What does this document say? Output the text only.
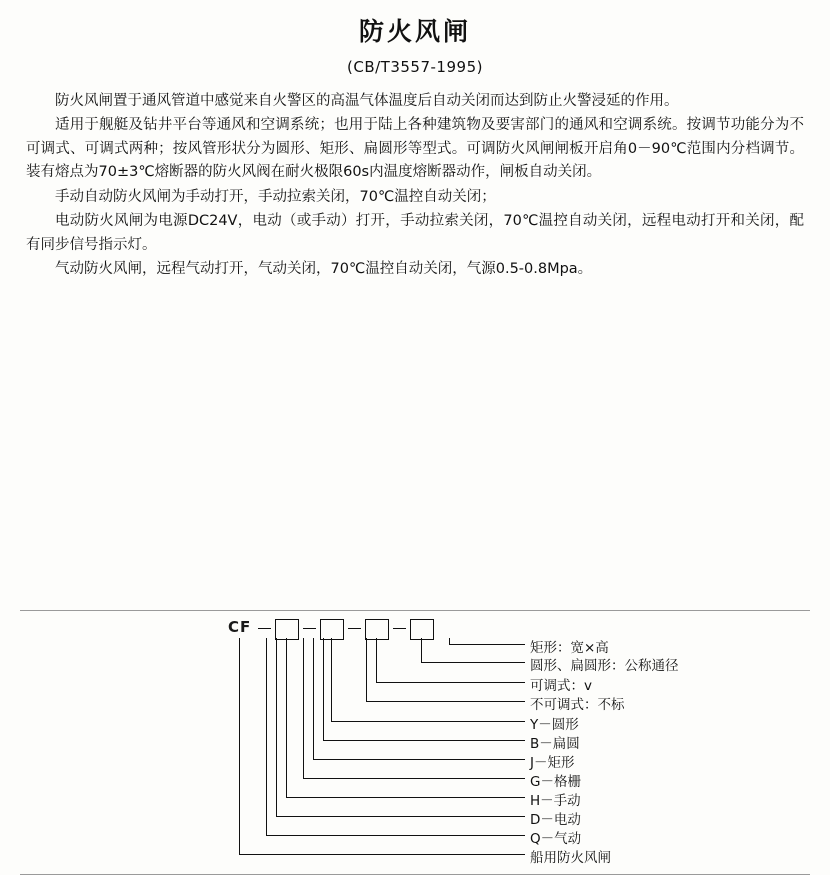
防火风闸
(CB/T3557-1995)

防火风闸置于通风管道中感觉来自火警区的高温气体温度后自动关闭而达到防止火警浸延的作用。

适用于舰艇及钻井平台等通风和空调系统；也用于陆上各种建筑物及要害部门的通风和空调系统。按调节功能分为不可调式、可调式两种；按风管形状分为圆形、矩形、扁圆形等型式。可调防火风闸闸板开启角0－90℃范围内分档调节。装有熔点为70±3℃熔断器的防火风阀在耐火极限60s内温度熔断器动作，闸板自动关闭。

手动自动防火风闸为手动打开，手动拉索关闭，70℃温控自动关闭；

电动防火风闸为电源DC24V，电动（或手动）打开，手动拉索关闭，70℃温控自动关闭，远程电动打开和关闭，配有同步信号指示灯。

气动防火风闸，远程气动打开，气动关闭，70℃温控自动关闭，气源0.5-0.8Mpa。

CF
矩形：宽×高
圆形、扁圆形：公称通径
可调式：v
不可调式：不标
Y－圆形
B－扁圆
J－矩形
G－格栅
H－手动
D－电动
Q－气动
船用防火风闸
